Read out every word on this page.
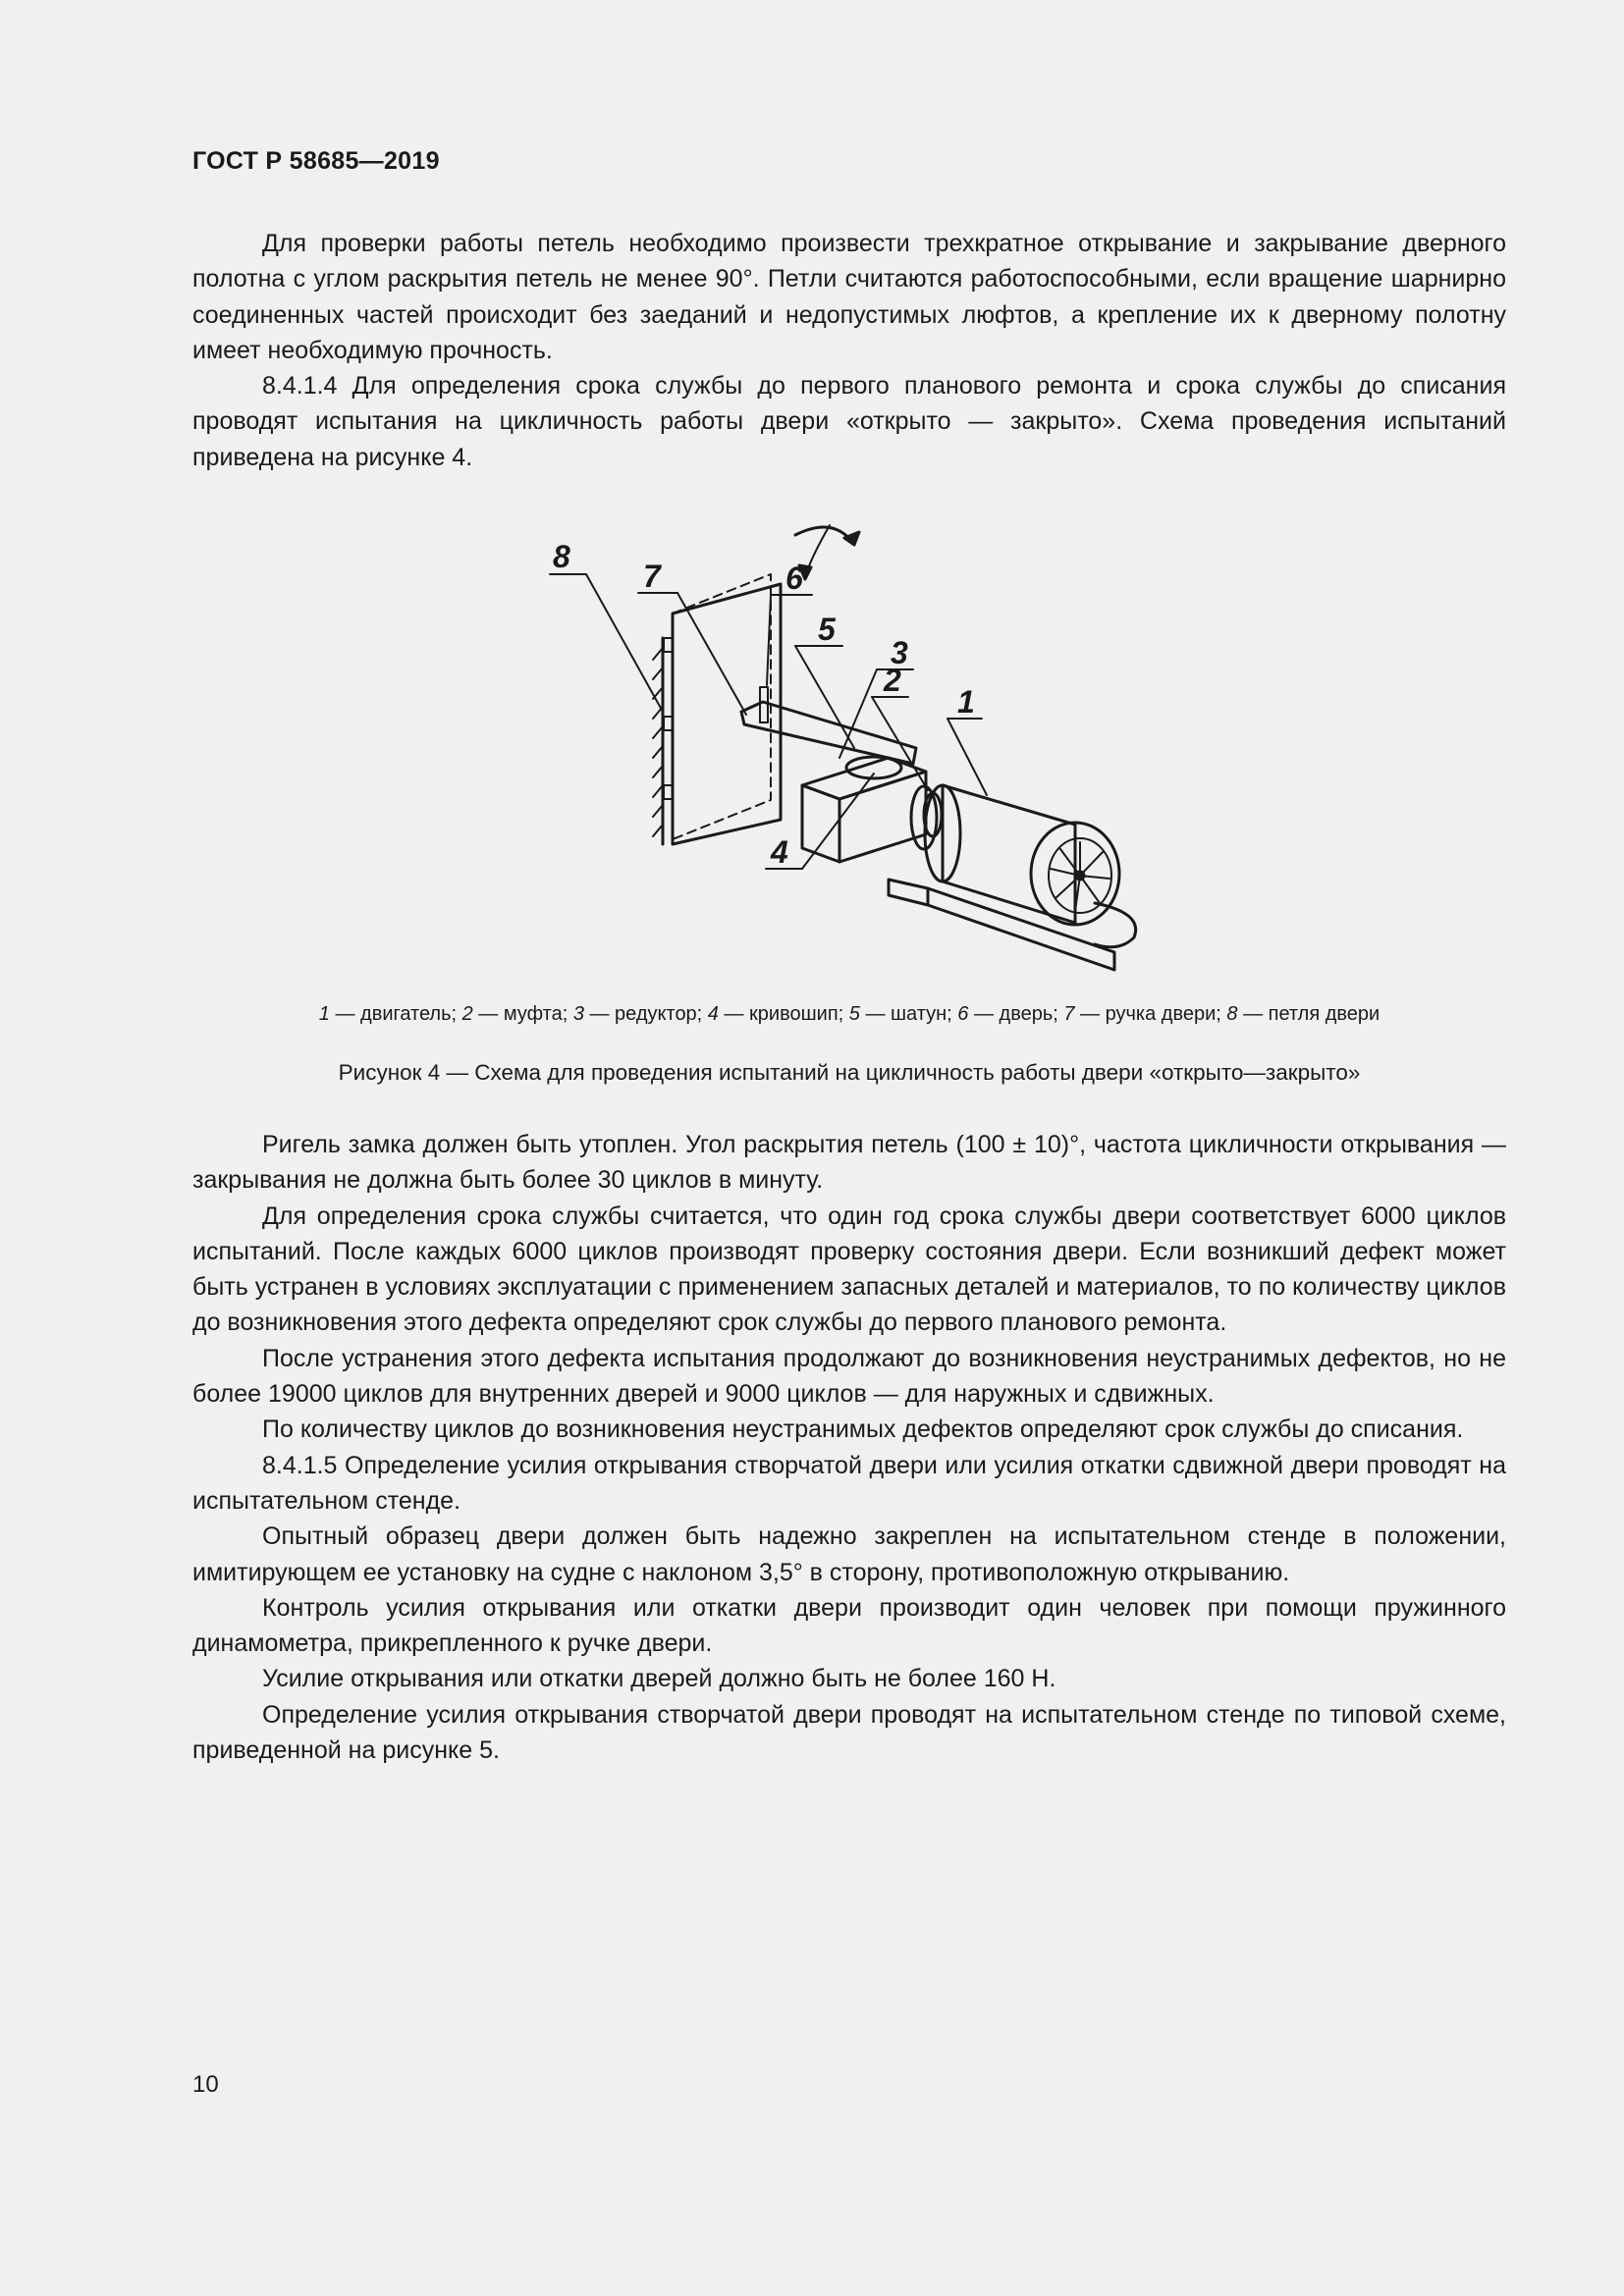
ГОСТ Р 58685—2019

Для проверки работы петель необходимо произвести трехкратное открывание и закрывание дверного полотна с углом раскрытия петель не менее 90°. Петли считаются работоспособными, если вращение шарнирно соединенных частей происходит без заеданий и недопустимых люфтов, а крепление их к дверному полотну имеет необходимую прочность.

8.4.1.4 Для определения срока службы до первого планового ремонта и срока службы до списания проводят испытания на цикличность работы двери «открыто — закрыто». Схема проведения испытаний приведена на рисунке 4.

8
7	6
5
3
2
1
4
1 — двигатель; 2 — муфта; 3 — редуктор; 4 — кривошип; 5 — шатун; 6 — дверь; 7 — ручка двери; 8 — петля двери
Рисунок 4 — Схема для проведения испытаний на цикличность работы двери «открыто—закрыто»

Ригель замка должен быть утоплен. Угол раскрытия петель (100 ± 10)°, частота цикличности открывания — закрывания не должна быть более 30 циклов в минуту.

Для определения срока службы считается, что один год срока службы двери соответствует 6000 циклов испытаний. После каждых 6000 циклов производят проверку состояния двери. Если возникший дефект может быть устранен в условиях эксплуатации с применением запасных деталей и материалов, то по количеству циклов до возникновения этого дефекта определяют срок службы до первого планового ремонта.

После устранения этого дефекта испытания продолжают до возникновения неустранимых дефектов, но не более 19000 циклов для внутренних дверей и 9000 циклов — для наружных и сдвижных.

По количеству циклов до возникновения неустранимых дефектов определяют срок службы до списания.

8.4.1.5 Определение усилия открывания створчатой двери или усилия откатки сдвижной двери проводят на испытательном стенде.

Опытный образец двери должен быть надежно закреплен на испытательном стенде в положении, имитирующем ее установку на судне с наклоном 3,5° в сторону, противоположную открыванию.

Контроль усилия открывания или откатки двери производит один человек при помощи пружинного динамометра, прикрепленного к ручке двери.

Усилие открывания или откатки дверей должно быть не более 160 Н.

Определение усилия открывания створчатой двери проводят на испытательном стенде по типовой схеме, приведенной на рисунке 5.

10
